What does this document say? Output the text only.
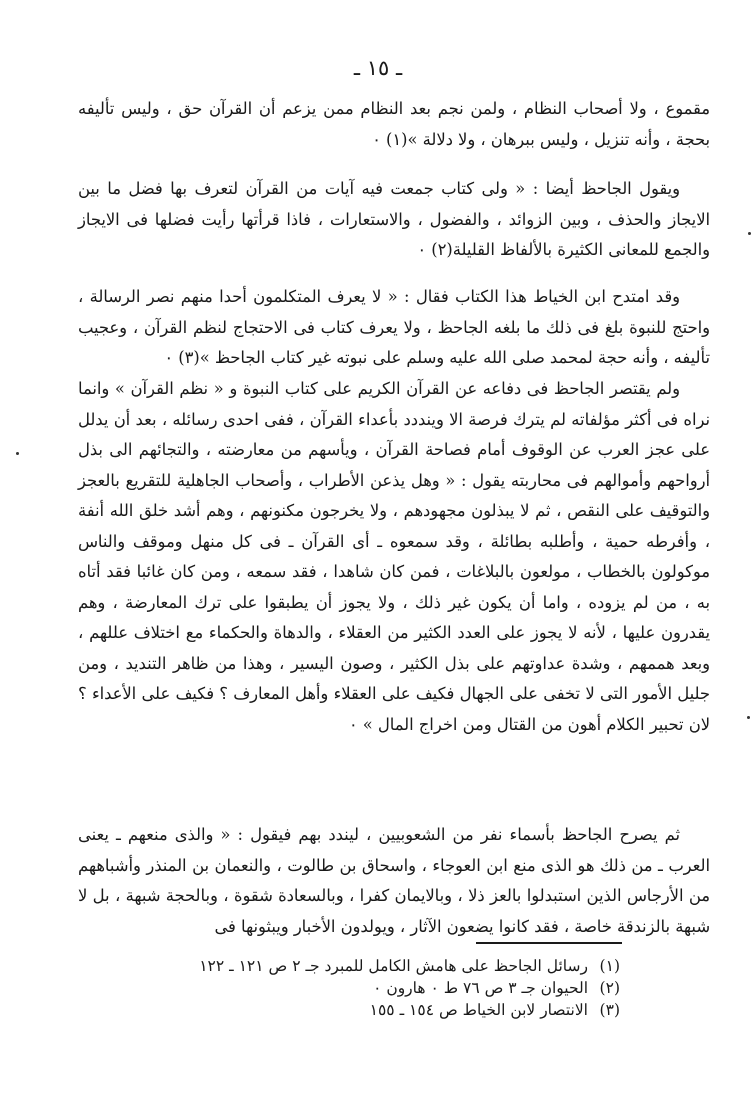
ـ ١٥ ـ

مقموع ، ولا أصحاب النظام ، ولمن نجم بعد النظام ممن يزعم أن القرآن حق ، وليس تأليفه بحجة ، وأنه تنزيل ، وليس ببرهان ، ولا دلالة »(١) ٠

ويقول الجاحظ أيضا : « ولى كتاب جمعت فيه آيات من القرآن لتعرف بها فضل ما بين الايجاز والحذف ، وبين الزوائد ، والفضول ، والاستعارات ، فاذا قرأتها رأيت فضلها فى الايجاز والجمع للمعانى الكثيرة بالألفاظ القليلة(٢) ٠

وقد امتدح ابن الخياط هذا الكتاب فقال : « لا يعرف المتكلمون أحدا منهم نصر الرسالة ، واحتج للنبوة بلغ فى ذلك ما بلغه الجاحظ ، ولا يعرف كتاب فى الاحتجاج لنظم القرآن ، وعجيب تأليفه ، وأنه حجة لمحمد صلى الله عليه وسلم على نبوته غير كتاب الجاحظ »(٣) ٠

ولم يقتصر الجاحظ فى دفاعه عن القرآن الكريم على كتاب النبوة و « نظم القرآن » وانما نراه فى أكثر مؤلفاته لم يترك فرصة الا وينددد بأعداء القرآن ، ففى احدى رسائله ، بعد أن يدلل على عجز العرب عن الوقوف أمام فصاحة القرآن ، ويأسهم من معارضته ، والتجائهم الى بذل أرواحهم وأموالهم فى محاربته يقول : « وهل يذعن الأطراب ، وأصحاب الجاهلية للتقريع بالعجز والتوقيف على النقص ، ثم لا يبذلون مجهودهم ، ولا يخرجون مكنونهم ، وهم أشد خلق الله أنفة ، وأفرطه حمية ، وأطلبه بطائلة ، وقد سمعوه ـ أى القرآن ـ فى كل منهل وموقف والناس موكولون بالخطاب ، مولعون بالبلاغات ، فمن كان شاهدا ، فقد سمعه ، ومن كان غائبا فقد أتاه به ، من لم يزوده ، واما أن يكون غير ذلك ، ولا يجوز أن يطبقوا على ترك المعارضة ، وهم يقدرون عليها ، لأنه لا يجوز على العدد الكثير من العقلاء ، والدهاة والحكماء مع اختلاف عللهم ، وبعد هممهم ، وشدة عداوتهم على بذل الكثير ، وصون اليسير ، وهذا من ظاهر التنديد ، ومن جليل الأمور التى لا تخفى على الجهال فكيف على العقلاء وأهل المعارف ؟ فكيف على الأعداء ؟ لان تحبير الكلام أهون من القتال ومن اخراج المال » ٠

ثم يصرح الجاحظ بأسماء نفر من الشعوبيين ، ليندد بهم فيقول : « والذى منعهم ـ يعنى العرب ـ من ذلك هو الذى منع ابن العوجاء ، واسحاق بن طالوت ، والنعمان بن المنذر وأشباههم من الأرجاس الذين استبدلوا بالعز ذلا ، وبالايمان كفرا ، وبالسعادة شقوة ، وبالحجة شبهة ، بل لا شبهة بالزندقة خاصة ، فقد كانوا يضعون الآثار ، ويولدون الأخبار ويبثونها فى

(١)رسائل الجاحظ على هامش الكامل للمبرد جـ ٢ ص ١٢١ ـ ١٢٢
(٢)الحيوان جـ ٣ ص ٧٦ ط ٠ هارون ٠
(٣)الانتصار لابن الخياط ص ١٥٤ ـ ١٥٥
